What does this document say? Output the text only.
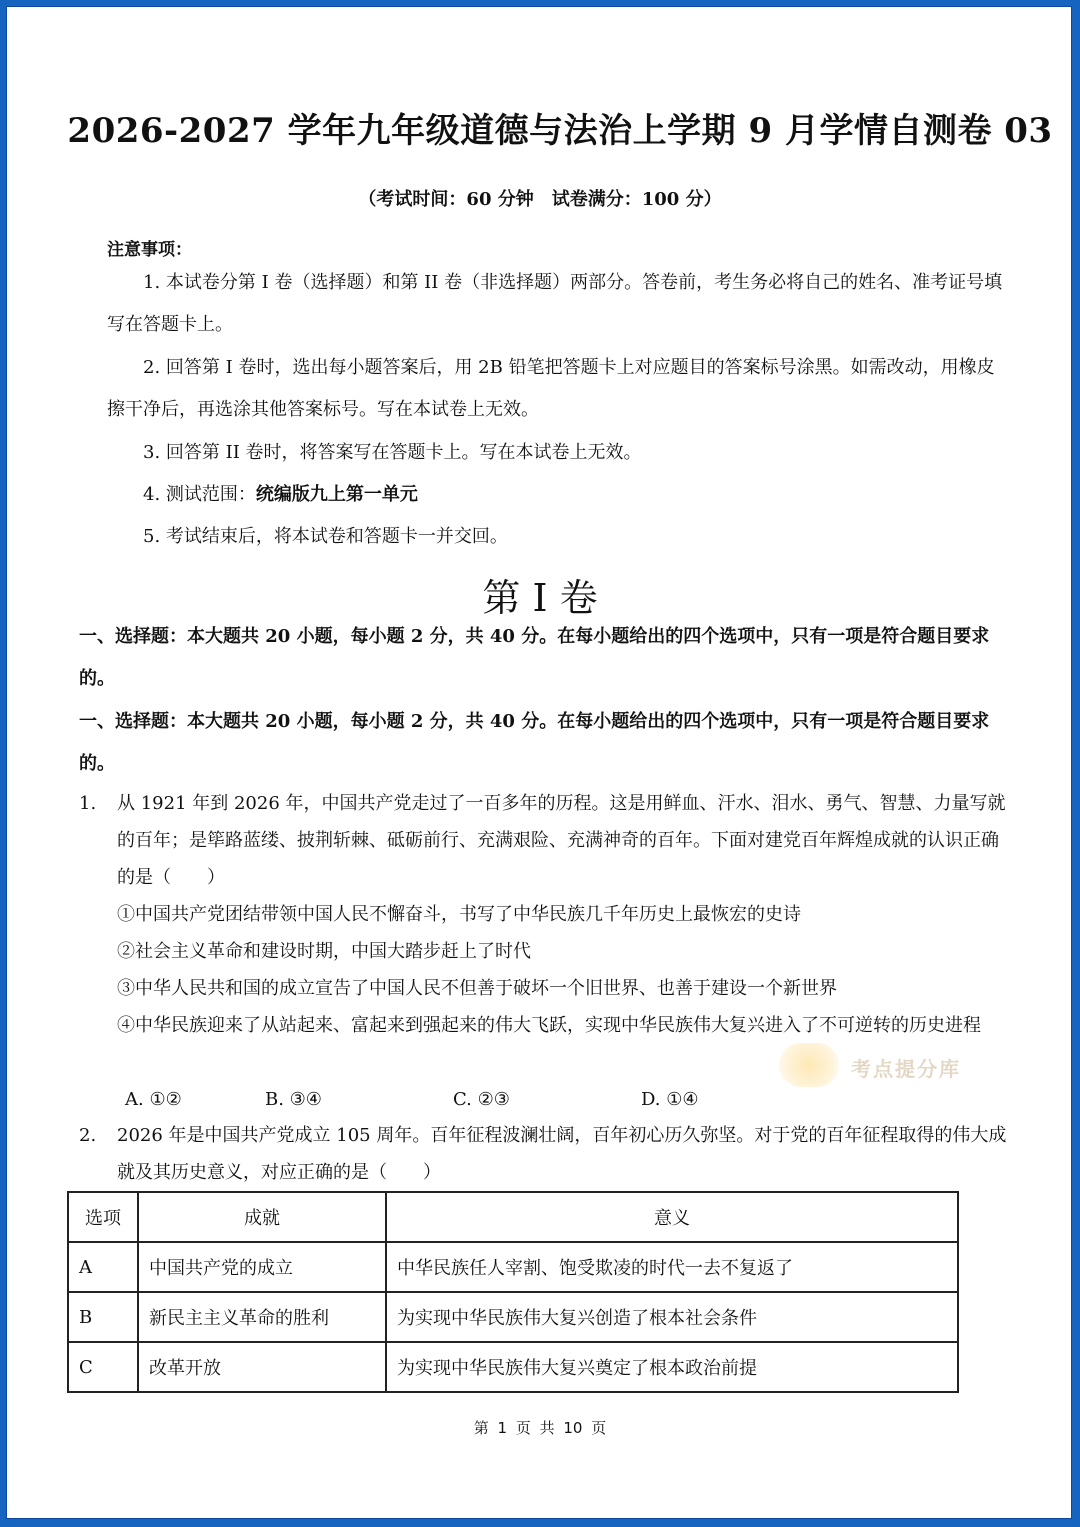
2026-2027 学年九年级道德与法治上学期 9 月学情自测卷 03
（考试时间：60 分钟　试卷满分：100 分）
注意事项：
1. 本试卷分第 I 卷（选择题）和第 II 卷（非选择题）两部分。答卷前，考生务必将自己的姓名、准考证号填写在答题卡上。
2. 回答第 I 卷时，选出每小题答案后，用 2B 铅笔把答题卡上对应题目的答案标号涂黑。如需改动，用橡皮擦干净后，再选涂其他答案标号。写在本试卷上无效。
3. 回答第 II 卷时，将答案写在答题卡上。写在本试卷上无效。
4. 测试范围：统编版九上第一单元
5. 考试结束后，将本试卷和答题卡一并交回。
第 I 卷
一、选择题：本大题共 20 小题，每小题 2 分，共 40 分。在每小题给出的四个选项中，只有一项是符合题目要求的。
一、选择题：本大题共 20 小题，每小题 2 分，共 40 分。在每小题给出的四个选项中，只有一项是符合题目要求的。
1. 从 1921 年到 2026 年，中国共产党走过了一百多年的历程。这是用鲜血、汗水、泪水、勇气、智慧、力量写就的百年；是筚路蓝缕、披荆斩棘、砥砺前行、充满艰险、充满神奇的百年。下面对建党百年辉煌成就的认识正确的是（　　）
①中国共产党团结带领中国人民不懈奋斗，书写了中华民族几千年历史上最恢宏的史诗
②社会主义革命和建设时期，中国大踏步赶上了时代
③中华人民共和国的成立宣告了中国人民不但善于破坏一个旧世界、也善于建设一个新世界
④中华民族迎来了从站起来、富起来到强起来的伟大飞跃，实现中华民族伟大复兴进入了不可逆转的历史进程
A. ①②	B. ③④	C. ②③	D. ①④
考点提分库
2. 2026 年是中国共产党成立 105 周年。百年征程波澜壮阔，百年初心历久弥坚。对于党的百年征程取得的伟大成就及其历史意义，对应正确的是（　　）
选项	成就	意义
A	中国共产党的成立	中华民族任人宰割、饱受欺凌的时代一去不复返了
B	新民主主义革命的胜利	为实现中华民族伟大复兴创造了根本社会条件
C	改革开放	为实现中华民族伟大复兴奠定了根本政治前提
第 1 页 共 10 页
